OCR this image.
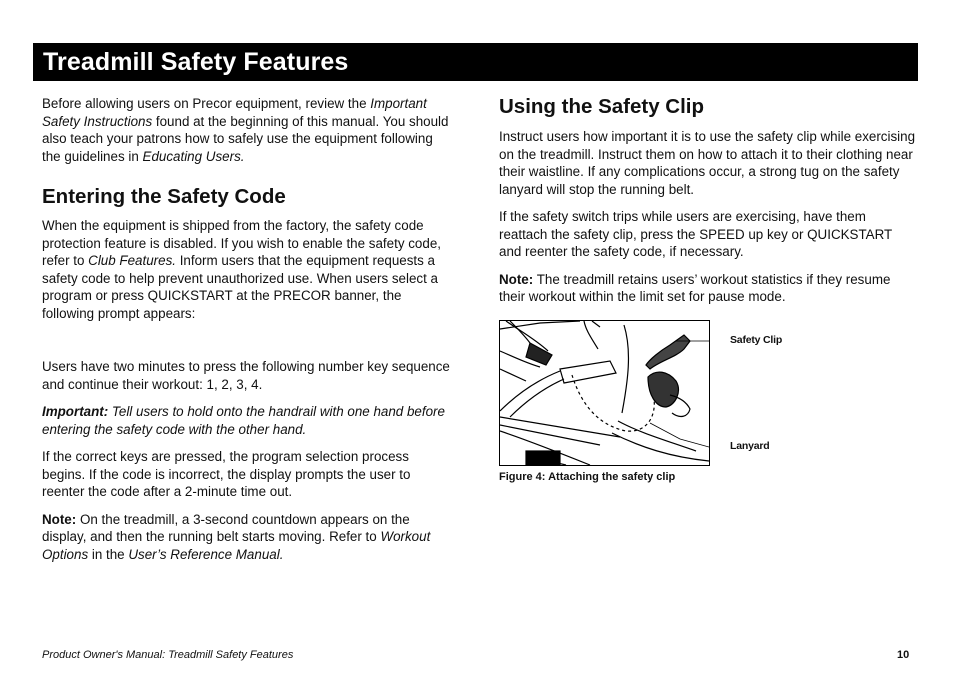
Treadmill Safety Features

Before allowing users on Precor equipment, review the Important Safety Instructions found at the beginning of this manual. You should also teach your patrons how to safely use the equipment following the guidelines in Educating Users.

Entering the Safety Code

When the equipment is shipped from the factory, the safety code protection feature is disabled. If you wish to enable the safety code, refer to Club Features. Inform users that the equipment requests a safety code to help prevent unauthorized use. When users select a program or press QUICKSTART at the PRECOR banner, the following prompt appears:

Users have two minutes to press the following number key sequence and continue their workout: 1, 2, 3, 4.

Important: Tell users to hold onto the handrail with one hand before entering the safety code with the other hand.

If the correct keys are pressed, the program selection process begins. If the code is incorrect, the display prompts the user to reenter the code after a 2-minute time out.

Note: On the treadmill, a 3-second countdown appears on the display, and then the running belt starts moving. Refer to Workout Options in the User’s Reference Manual.

Using the Safety Clip

Instruct users how important it is to use the safety clip while exercising on the treadmill. Instruct them on how to attach it to their clothing near their waistline. If any complications occur, a strong tug on the safety lanyard will stop the running belt.

If the safety switch trips while users are exercising, have them reattach the safety clip, press the SPEED up key or QUICKSTART and reenter the safety code, if necessary.

Note: The treadmill retains users’ workout statistics if they resume their workout within the limit set for pause mode.

Safety Clip
Lanyard
Figure 4: Attaching the safety clip
Product Owner's Manual: Treadmill Safety Features	10
